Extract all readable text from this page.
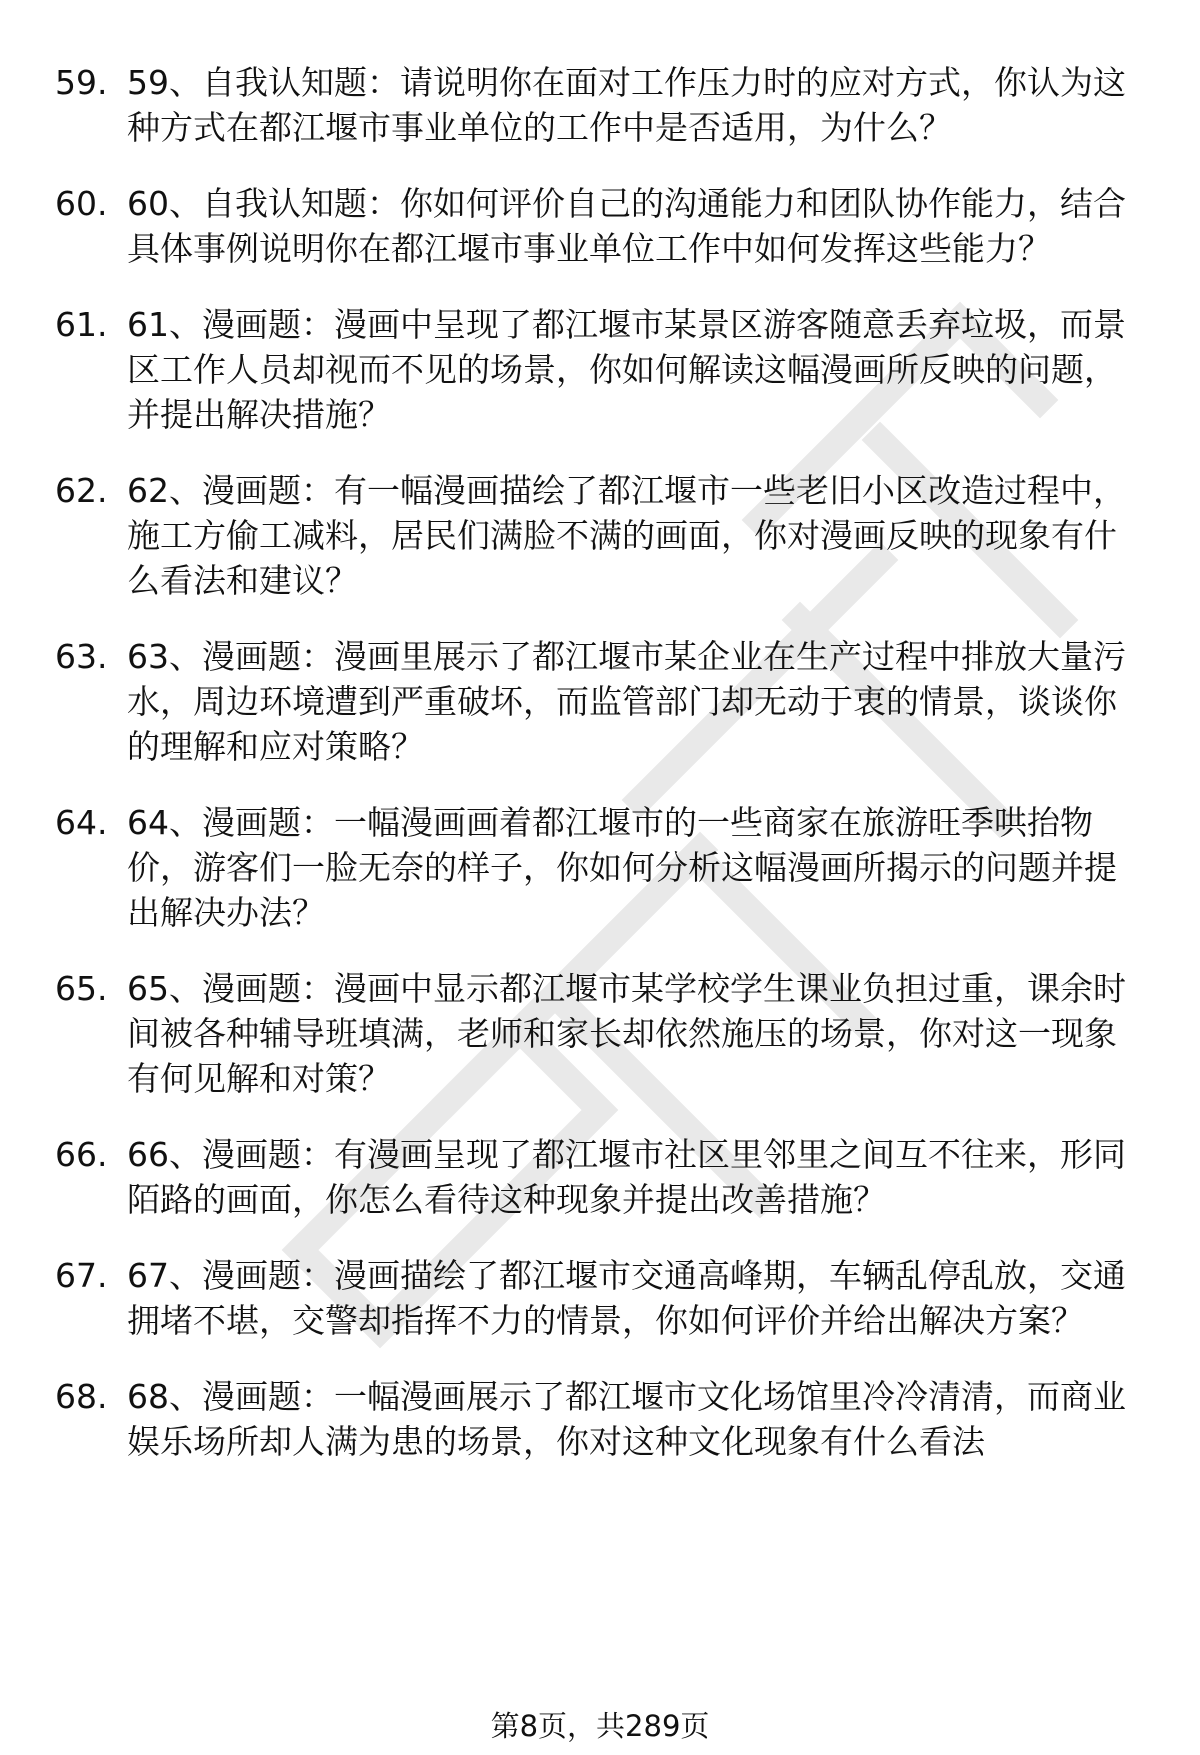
59. 59、自我认知题：请说明你在面对工作压力时的应对方式，你认为这种方式在都江堰市事业单位的工作中是否适用，为什么？
60. 60、自我认知题：你如何评价自己的沟通能力和团队协作能力，结合具体事例说明你在都江堰市事业单位工作中如何发挥这些能力？
61. 61、漫画题：漫画中呈现了都江堰市某景区游客随意丢弃垃圾，而景区工作人员却视而不见的场景，你如何解读这幅漫画所反映的问题，并提出解决措施？
62. 62、漫画题：有一幅漫画描绘了都江堰市一些老旧小区改造过程中，施工方偷工减料，居民们满脸不满的画面，你对漫画反映的现象有什么看法和建议？
63. 63、漫画题：漫画里展示了都江堰市某企业在生产过程中排放大量污水，周边环境遭到严重破坏，而监管部门却无动于衷的情景，谈谈你的理解和应对策略？
64. 64、漫画题：一幅漫画画着都江堰市的一些商家在旅游旺季哄抬物价，游客们一脸无奈的样子，你如何分析这幅漫画所揭示的问题并提出解决办法？
65. 65、漫画题：漫画中显示都江堰市某学校学生课业负担过重，课余时间被各种辅导班填满，老师和家长却依然施压的场景，你对这一现象有何见解和对策？
66. 66、漫画题：有漫画呈现了都江堰市社区里邻里之间互不往来，形同陌路的画面，你怎么看待这种现象并提出改善措施？
67. 67、漫画题：漫画描绘了都江堰市交通高峰期，车辆乱停乱放，交通拥堵不堪，交警却指挥不力的情景，你如何评价并给出解决方案？
68. 68、漫画题：一幅漫画展示了都江堰市文化场馆里冷冷清清，而商业娱乐场所却人满为患的场景，你对这种文化现象有什么看法
第8页，共289页
